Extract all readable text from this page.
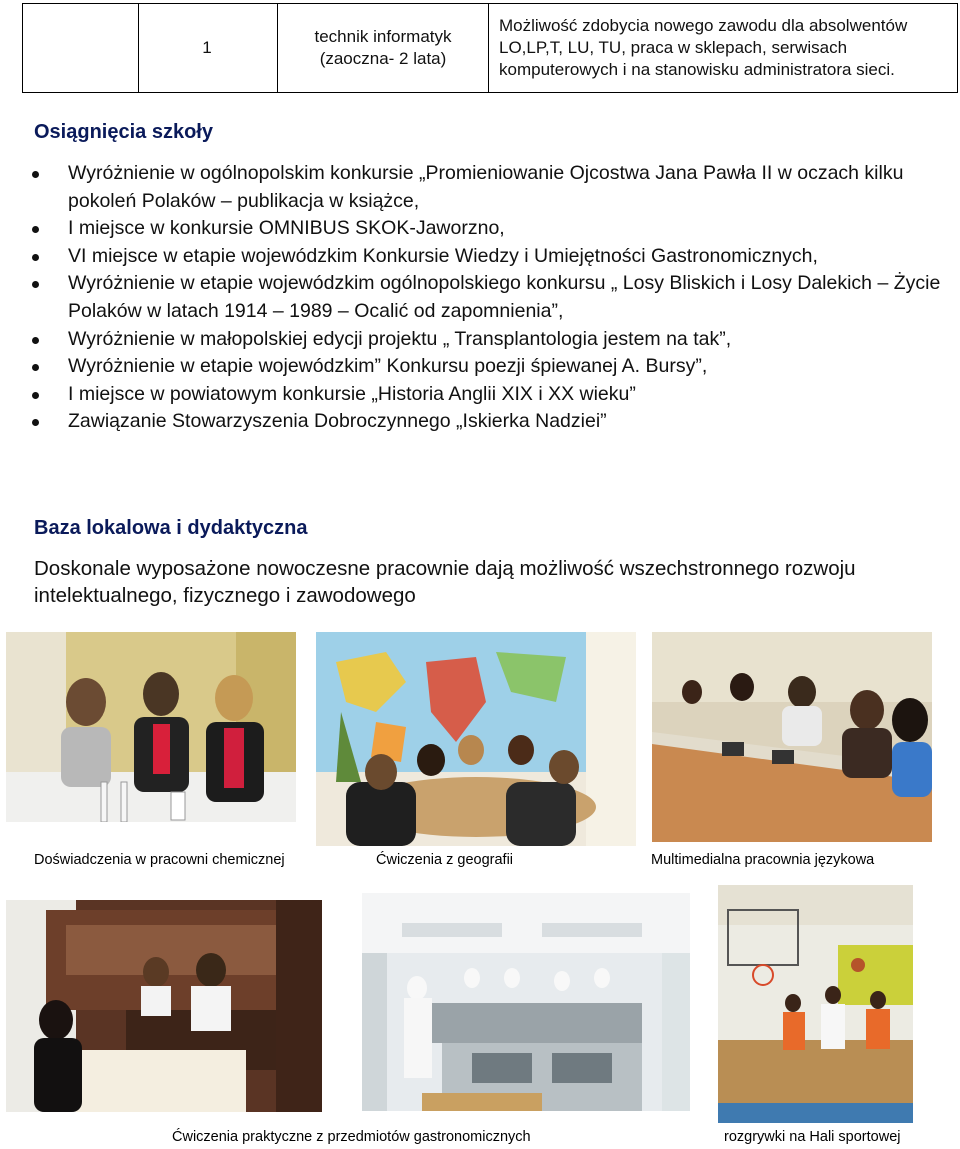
	1	technik informatyk (zaoczna- 2 lata)	Możliwość zdobycia nowego zawodu dla absolwentów LO,LP,T, LU, TU, praca w sklepach, serwisach komputerowych i na stanowisku administratora sieci.
Osiągnięcia szkoły
Wyróżnienie w ogólnopolskim konkursie „Promieniowanie Ojcostwa Jana Pawła II w oczach kilku pokoleń Polaków – publikacja w książce,
I miejsce w konkursie OMNIBUS SKOK-Jaworzno,
VI miejsce w etapie wojewódzkim Konkursie Wiedzy i Umiejętności Gastronomicznych,
Wyróżnienie w etapie wojewódzkim ogólnopolskiego konkursu „ Losy Bliskich i Losy Dalekich – Życie Polaków w latach 1914 – 1989 – Ocalić od zapomnienia”,
Wyróżnienie w małopolskiej edycji projektu „ Transplantologia jestem na tak”,
Wyróżnienie w etapie wojewódzkim” Konkursu poezji śpiewanej A. Bursy”,
I miejsce w powiatowym konkursie „Historia Anglii XIX i XX wieku”
Zawiązanie Stowarzyszenia Dobroczynnego „Iskierka Nadziei”
Baza lokalowa i dydaktyczna

Doskonale wyposażone nowoczesne pracownie dają możliwość wszechstronnego rozwoju intelektualnego, fizycznego i zawodowego

Doświadczenia w pracowni chemicznej	Ćwiczenia z geografii	Multimedialna pracownia językowa
Ćwiczenia praktyczne z przedmiotów gastronomicznych	rozgrywki na Hali sportowej
